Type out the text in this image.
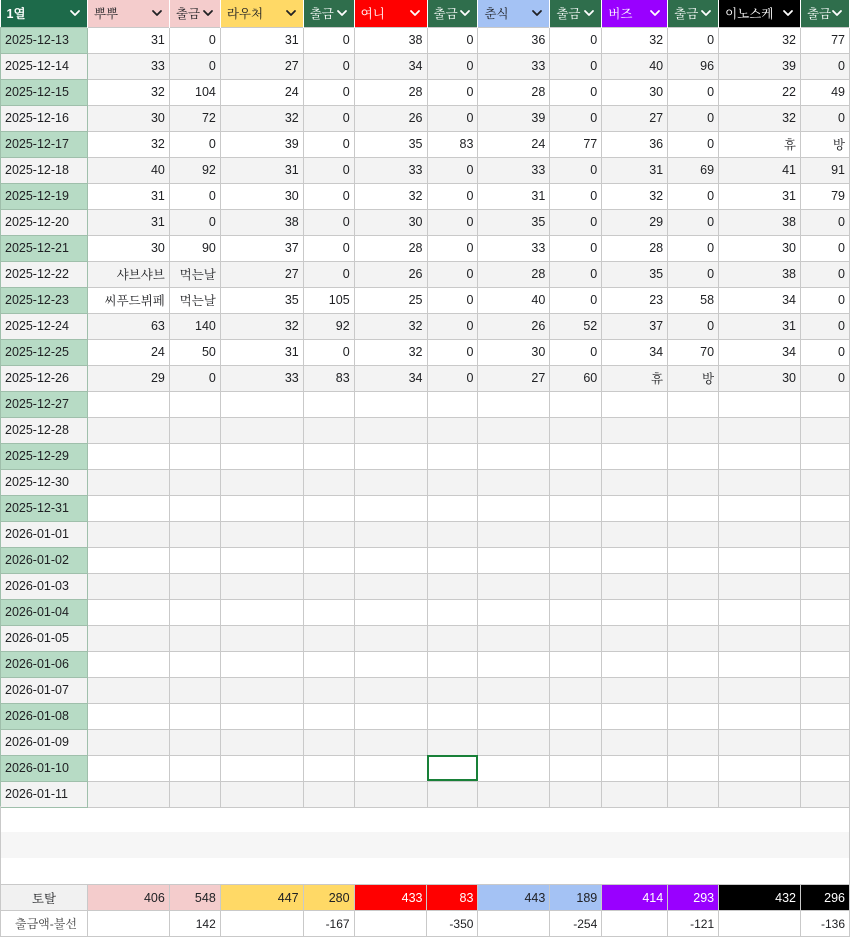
1열	뿌뿌	출금	라우처	출금	여니	출금	춘식	출금	버즈	출금	이노스케	출금

2025-12-13	31	0	31	0	38	0	36	0	32	0	32	77
2025-12-14	33	0	27	0	34	0	33	0	40	96	39	0
2025-12-15	32	104	24	0	28	0	28	0	30	0	22	49
2025-12-16	30	72	32	0	26	0	39	0	27	0	32	0
2025-12-17	32	0	39	0	35	83	24	77	36	0	휴	방
2025-12-18	40	92	31	0	33	0	33	0	31	69	41	91
2025-12-19	31	0	30	0	32	0	31	0	32	0	31	79
2025-12-20	31	0	38	0	30	0	35	0	29	0	38	0
2025-12-21	30	90	37	0	28	0	33	0	28	0	30	0
2025-12-22	샤브샤브	먹는날	27	0	26	0	28	0	35	0	38	0
2025-12-23	씨푸드뷔페	먹는날	35	105	25	0	40	0	23	58	34	0
2025-12-24	63	140	32	92	32	0	26	52	37	0	31	0
2025-12-25	24	50	31	0	32	0	30	0	34	70	34	0
2025-12-26	29	0	33	83	34	0	27	60	휴	방	30	0
2025-12-27												
2025-12-28												
2025-12-29												
2025-12-30												
2025-12-31												
2026-01-01												
2026-01-02												
2026-01-03												
2026-01-04												
2026-01-05												
2026-01-06												
2026-01-07												
2026-01-08												
2026-01-09												
2026-01-10												
2026-01-11												
토탈	406	548	447	280	433	83	443	189	414	293	432	296
출금액-불선		142		-167		-350		-254		-121		-136
